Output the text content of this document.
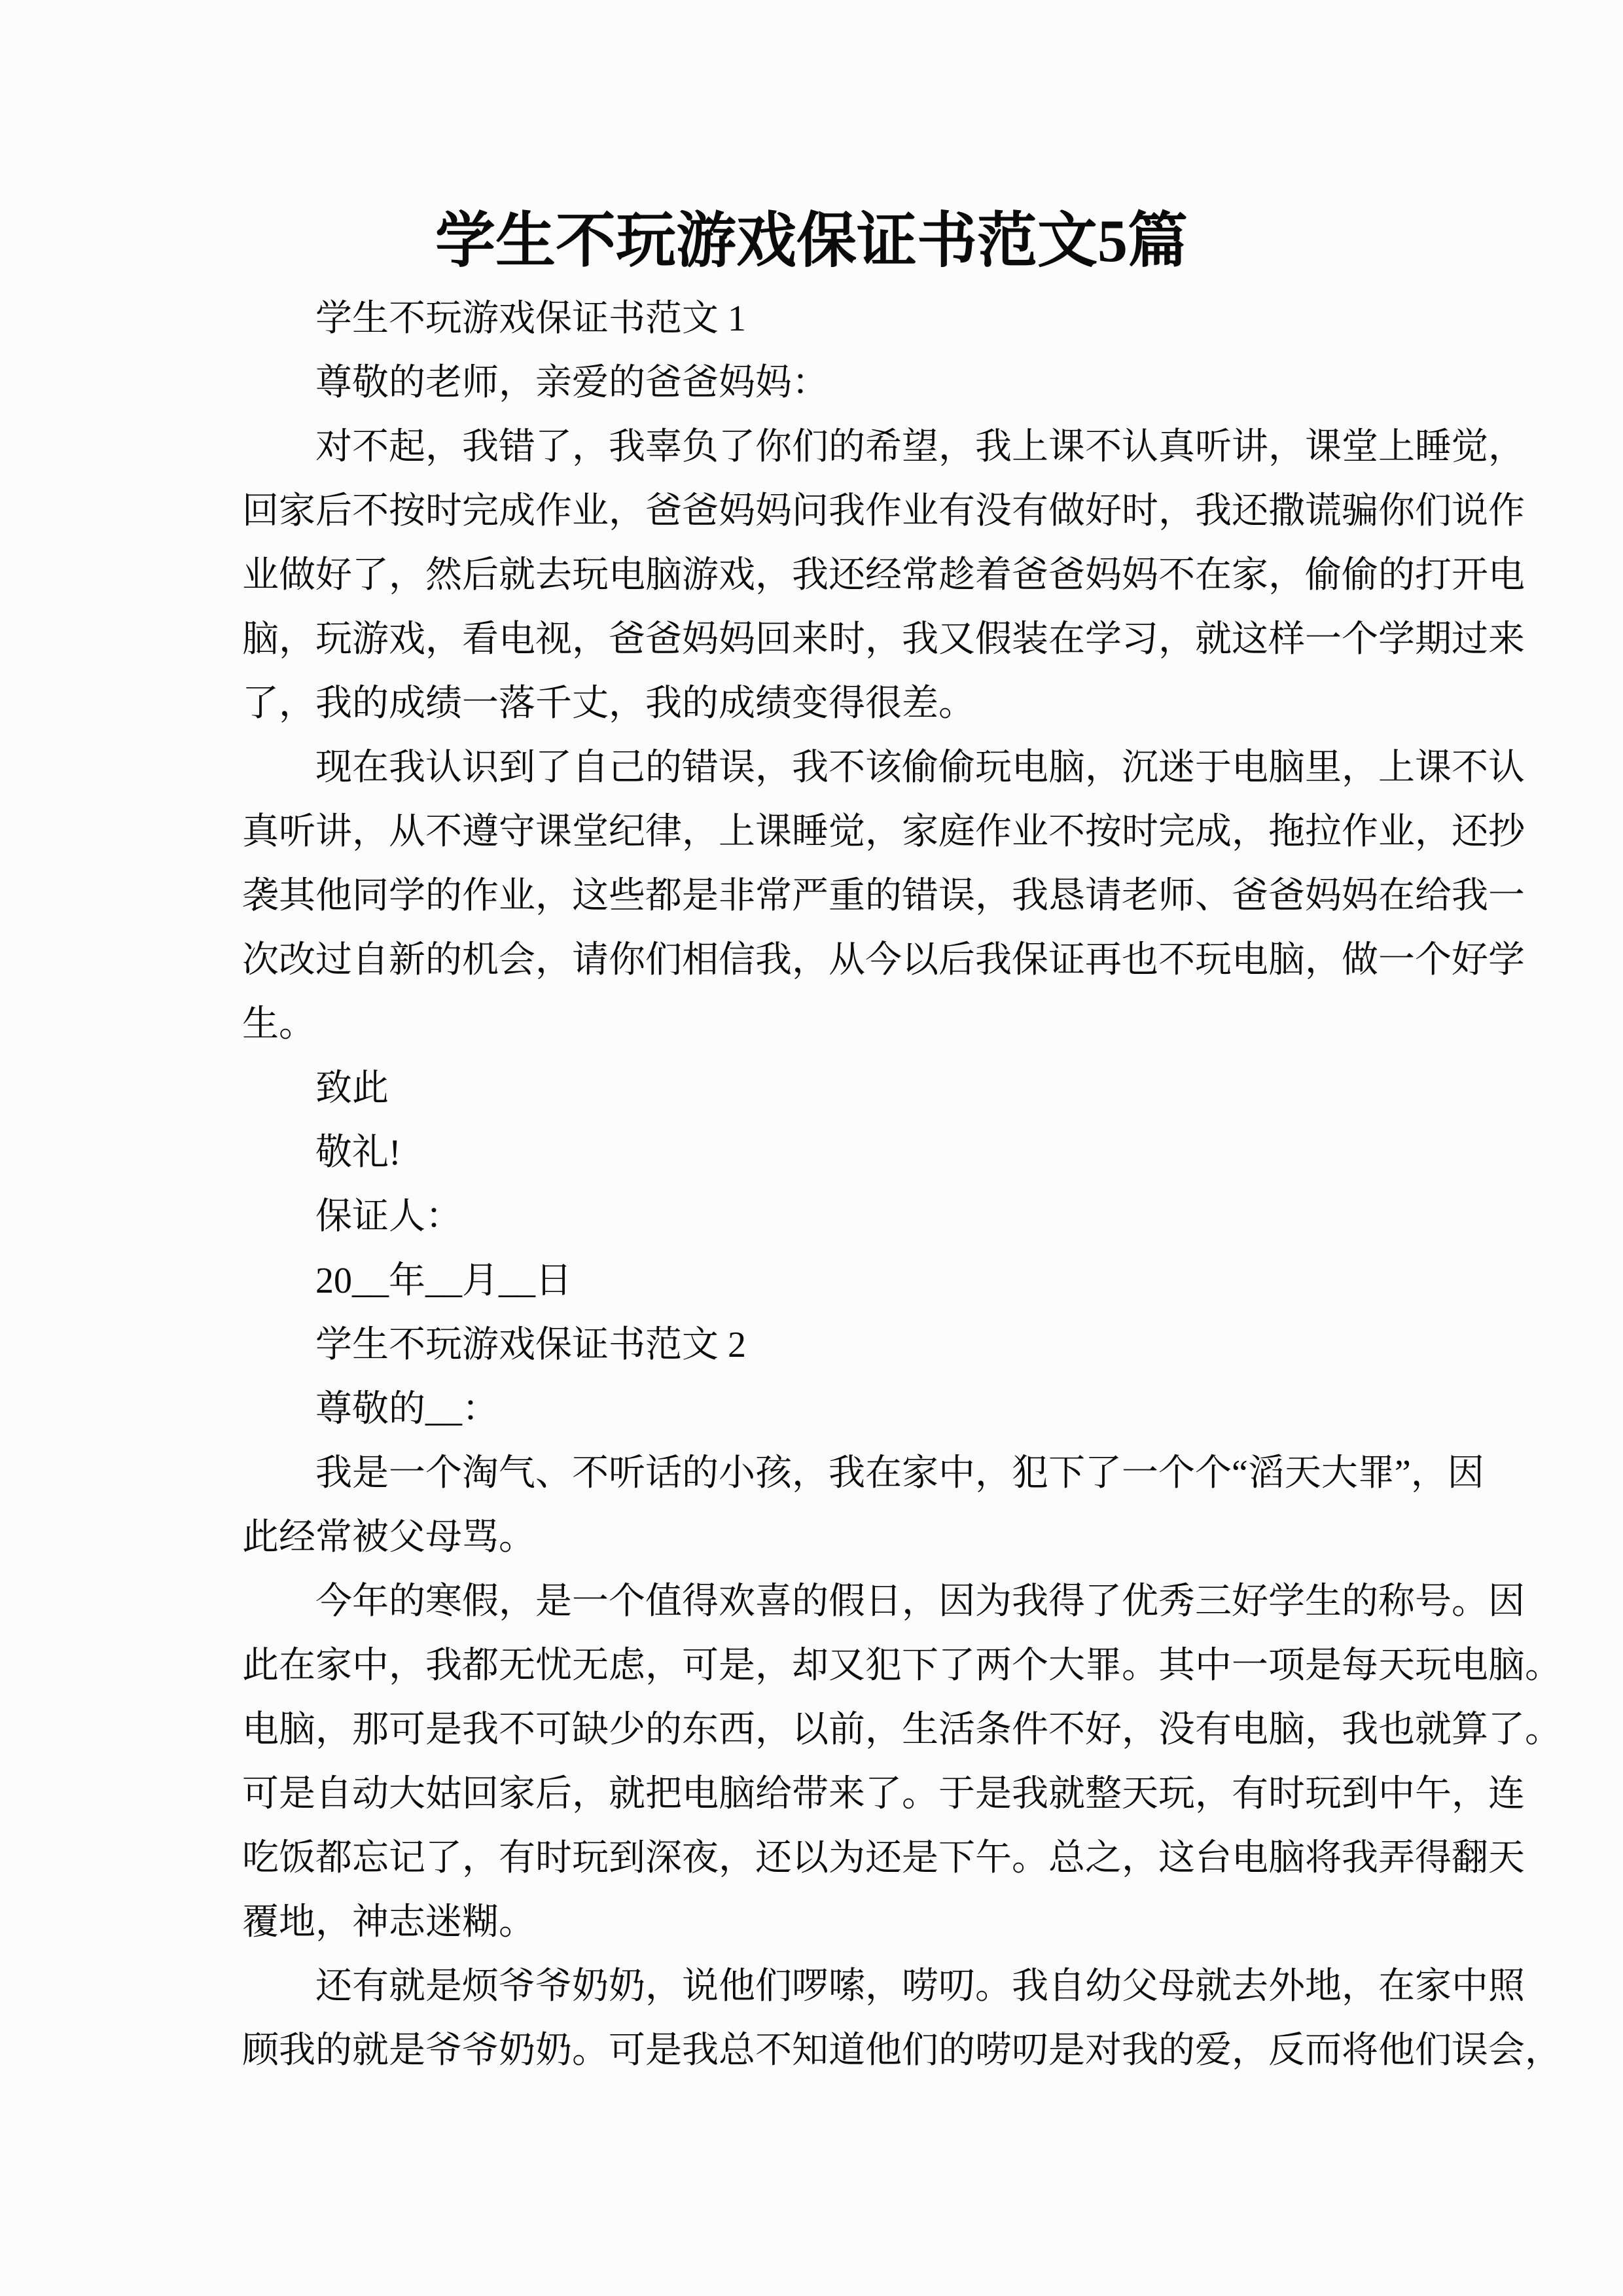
学生不玩游戏保证书范文5篇
学生不玩游戏保证书范文 1
尊敬的老师，亲爱的爸爸妈妈：
对不起，我错了，我辜负了你们的希望，我上课不认真听讲，课堂上睡觉，
回家后不按时完成作业，爸爸妈妈问我作业有没有做好时，我还撒谎骗你们说作
业做好了，然后就去玩电脑游戏，我还经常趁着爸爸妈妈不在家，偷偷的打开电
脑，玩游戏，看电视，爸爸妈妈回来时，我又假装在学习，就这样一个学期过来
了，我的成绩一落千丈，我的成绩变得很差。
现在我认识到了自己的错误，我不该偷偷玩电脑，沉迷于电脑里，上课不认
真听讲，从不遵守课堂纪律，上课睡觉，家庭作业不按时完成，拖拉作业，还抄
袭其他同学的作业，这些都是非常严重的错误，我恳请老师、爸爸妈妈在给我一
次改过自新的机会，请你们相信我，从今以后我保证再也不玩电脑，做一个好学
生。
致此
敬礼!
保证人：
20__年__月__日
学生不玩游戏保证书范文 2
尊敬的__：
我是一个淘气、不听话的小孩，我在家中，犯下了一个个“滔天大罪”，因
此经常被父母骂。
今年的寒假，是一个值得欢喜的假日，因为我得了优秀三好学生的称号。因
此在家中，我都无忧无虑，可是，却又犯下了两个大罪。其中一项是每天玩电脑。
电脑，那可是我不可缺少的东西，以前，生活条件不好，没有电脑，我也就算了。
可是自动大姑回家后，就把电脑给带来了。于是我就整天玩，有时玩到中午，连
吃饭都忘记了，有时玩到深夜，还以为还是下午。总之，这台电脑将我弄得翻天
覆地，神志迷糊。
还有就是烦爷爷奶奶，说他们啰嗦，唠叨。我自幼父母就去外地，在家中照
顾我的就是爷爷奶奶。可是我总不知道他们的唠叨是对我的爱，反而将他们误会，
